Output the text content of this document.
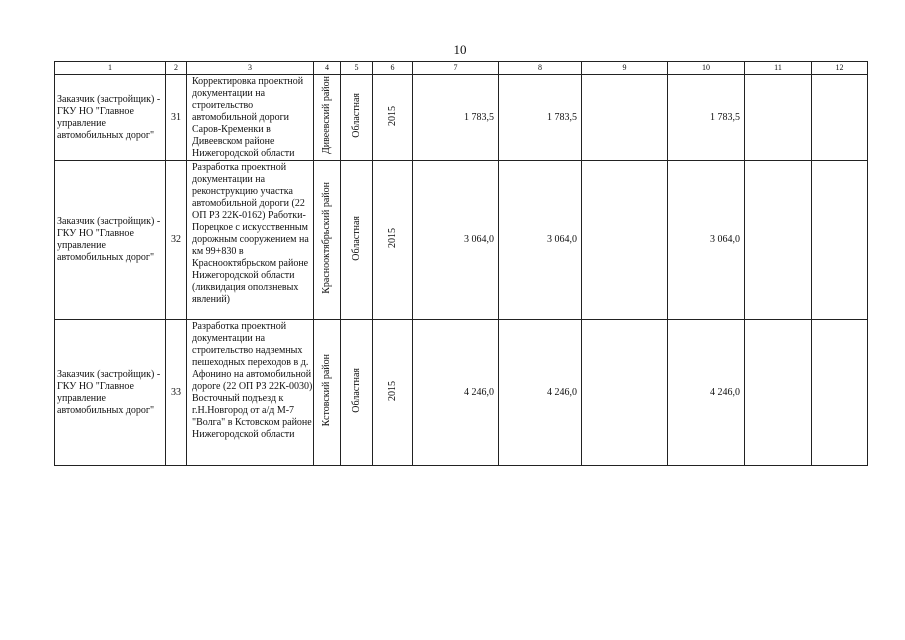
10
1	2	3	4	5	6	7	8	9	10	11	12
Заказчик (застройщик) - ГКУ НО "Главное управление автомобильных дорог"	31	Корректировка проектной документации на строительство автомобильной дороги Саров-Кременки в Дивеевском районе Нижегородской области	Дивеевский район	Областная	2015	1 783,5	1 783,5		1 783,5		
Заказчик (застройщик) - ГКУ НО "Главное управление автомобильных дорог"	32	Разработка проектной документации на реконструкцию участка автомобильной дороги (22 ОП РЗ 22К-0162) Работки-Порецкое с искусственным дорожным сооружением на км 99+830 в Краснооктябрьском районе Нижегородской области (ликвидация оползневых явлений)	Краснооктябрьский район	Областная	2015	3 064,0	3 064,0		3 064,0		
Заказчик (застройщик) - ГКУ НО "Главное управление автомобильных дорог"	33	Разработка проектной документации на строительство надземных пешеходных переходов в д. Афонино на автомобильной дороге (22 ОП РЗ 22К-0030) Восточный подъезд к г.Н.Новгород от а/д М-7 "Волга" в Кстовском районе Нижегородской области	Кстовский район	Областная	2015	4 246,0	4 246,0		4 246,0		
